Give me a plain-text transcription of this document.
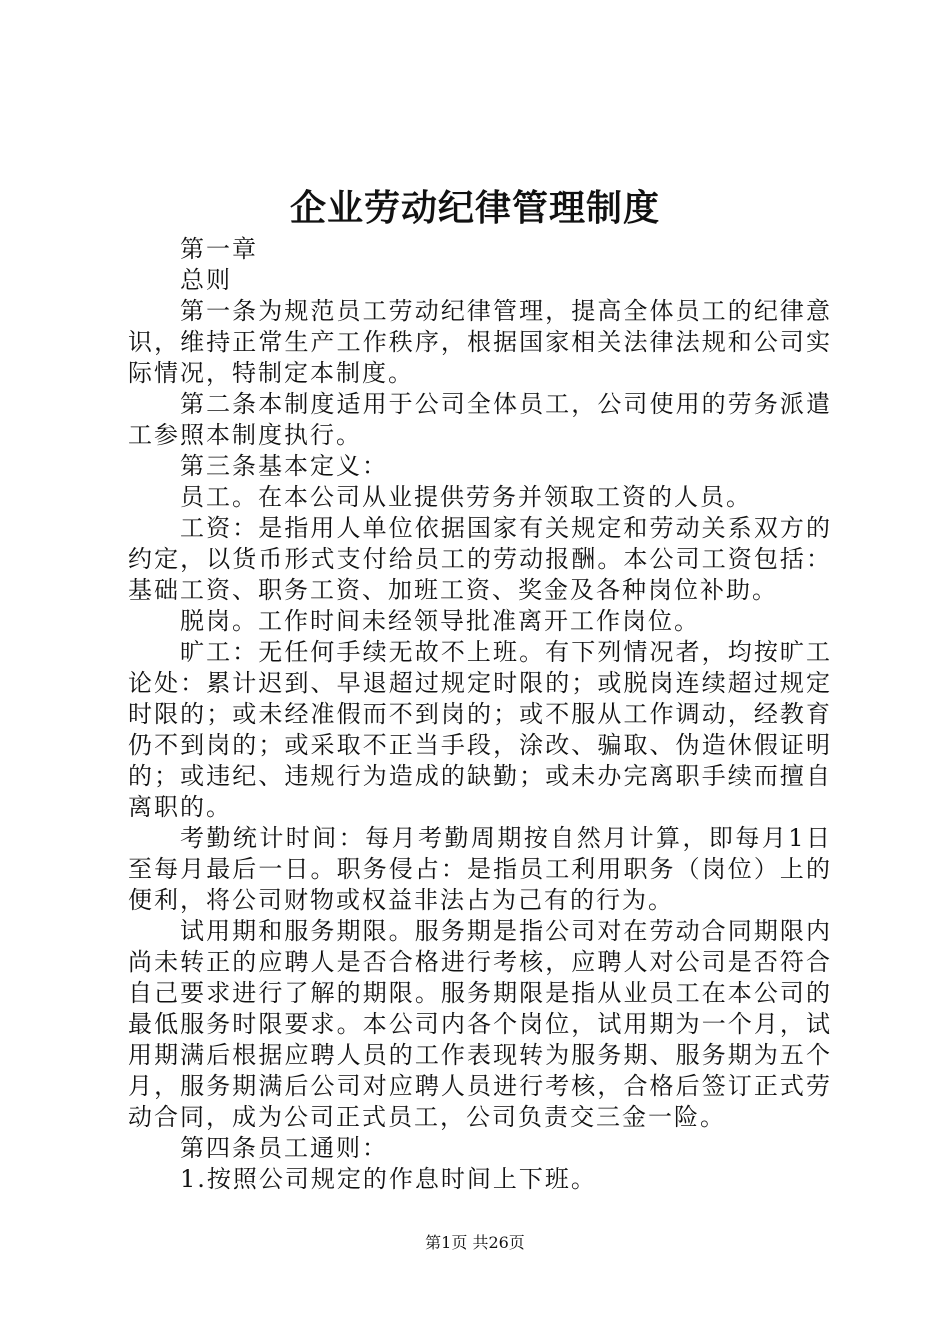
企业劳动纪律管理制度

第一章

总则

第一条为规范员工劳动纪律管理，提高全体员工的纪律意识，维持正常生产工作秩序，根据国家相关法律法规和公司实际情况，特制定本制度。

第二条本制度适用于公司全体员工，公司使用的劳务派遣工参照本制度执行。

第三条基本定义：

员工。在本公司从业提供劳务并领取工资的人员。

工资：是指用人单位依据国家有关规定和劳动关系双方的约定，以货币形式支付给员工的劳动报酬。本公司工资包括：基础工资、职务工资、加班工资、奖金及各种岗位补助。

脱岗。工作时间未经领导批准离开工作岗位。

旷工：无任何手续无故不上班。有下列情况者，均按旷工论处：累计迟到、早退超过规定时限的；或脱岗连续超过规定时限的；或未经准假而不到岗的；或不服从工作调动，经教育仍不到岗的；或采取不正当手段，涂改、骗取、伪造休假证明的；或违纪、违规行为造成的缺勤；或未办完离职手续而擅自离职的。

考勤统计时间：每月考勤周期按自然月计算，即每月1日至每月最后一日。职务侵占：是指员工利用职务（岗位）上的便利，将公司财物或权益非法占为己有的行为。

试用期和服务期限。服务期是指公司对在劳动合同期限内尚未转正的应聘人是否合格进行考核，应聘人对公司是否符合自己要求进行了解的期限。服务期限是指从业员工在本公司的最低服务时限要求。本公司内各个岗位，试用期为一个月，试用期满后根据应聘人员的工作表现转为服务期、服务期为五个月，服务期满后公司对应聘人员进行考核，合格后签订正式劳动合同，成为公司正式员工，公司负责交三金一险。

第四条员工通则：

1.按照公司规定的作息时间上下班。

第1页 共26页
